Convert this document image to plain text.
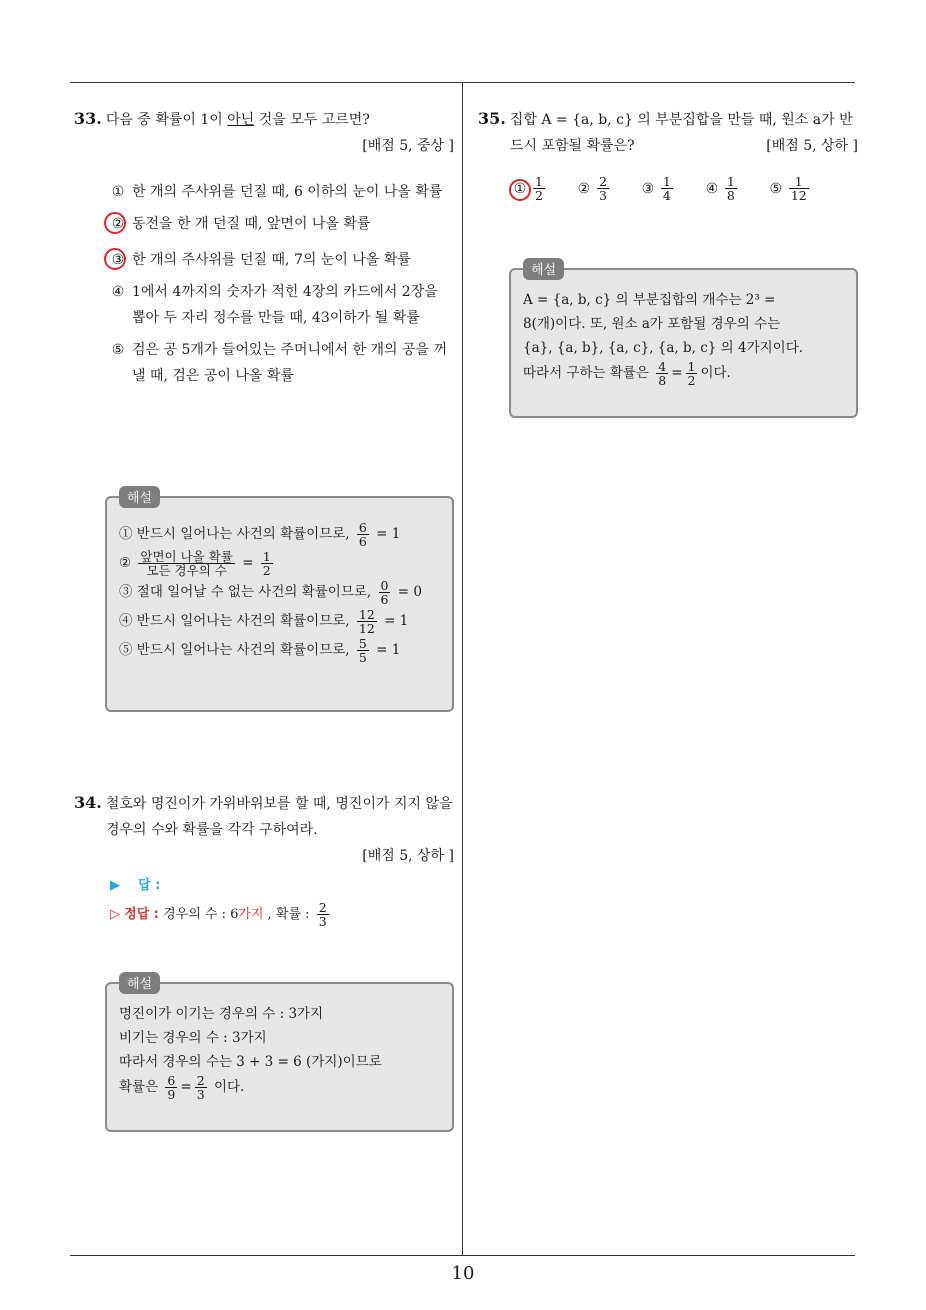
33. 다음 중 확률이 1이 아닌 것을 모두 고르면?
[배점 5, 중상 ]
① 한 개의 주사위를 던질 때, 6 이하의 눈이 나올 확률
② 동전을 한 개 던질 때, 앞면이 나올 확률
③ 한 개의 주사위를 던질 때, 7의 눈이 나올 확률
④ 1에서 4까지의 숫자가 적힌 4장의 카드에서 2장을 뽑아 두 자리 정수를 만들 때, 43이하가 될 확률
⑤ 검은 공 5개가 들어있는 주머니에서 한 개의 공을 꺼낼 때, 검은 공이 나올 확률
해설
① 반드시 일어나는 사건의 확률이므로, $\frac{6}{6} = 1$
② $\frac{\text{앞면이 나올 확률}}{\text{모든 경우의 수}} = \frac{1}{2}$
③ 절대 일어날 수 없는 사건의 확률이므로, $\frac{0}{6} = 0$
④ 반드시 일어나는 사건의 확률이므로, $\frac{12}{12} = 1$
⑤ 반드시 일어나는 사건의 확률이므로, $\frac{5}{5} = 1$
34. 철호와 명진이가 가위바위보를 할 때, 명진이가 지지 않을 경우의 수와 확률을 각각 구하여라.
[배점 5, 상하 ]
▶ 답 :
▷ 정답 : 경우의 수 : 6가지 , 확률 : $\frac{2}{3}$
해설
명진이가 이기는 경우의 수 : 3가지
비기는 경우의 수 : 3가지
따라서 경우의 수는 3 + 3 = 6 (가지)이므로
확률은 $\frac{6}{9} = \frac{2}{3}$ 이다.
35. 집합 A = {a, b, c} 의 부분집합을 만들 때, 원소 a가 반드시 포함될 확률은?	[배점 5, 상하 ]
① $\frac{1}{2}$ ② $\frac{2}{3}$ ③ $\frac{1}{4}$ ④ $\frac{1}{8}$ ⑤ $\frac{1}{12}$
해설
A = {a, b, c} 의 부분집합의 개수는 2³ =
8(개)이다. 또, 원소 a가 포함될 경우의 수는
{a}, {a, b}, {a, c}, {a, b, c} 의 4가지이다.
따라서 구하는 확률은 $\frac{4}{8} = \frac{1}{2}$ 이다.
10
